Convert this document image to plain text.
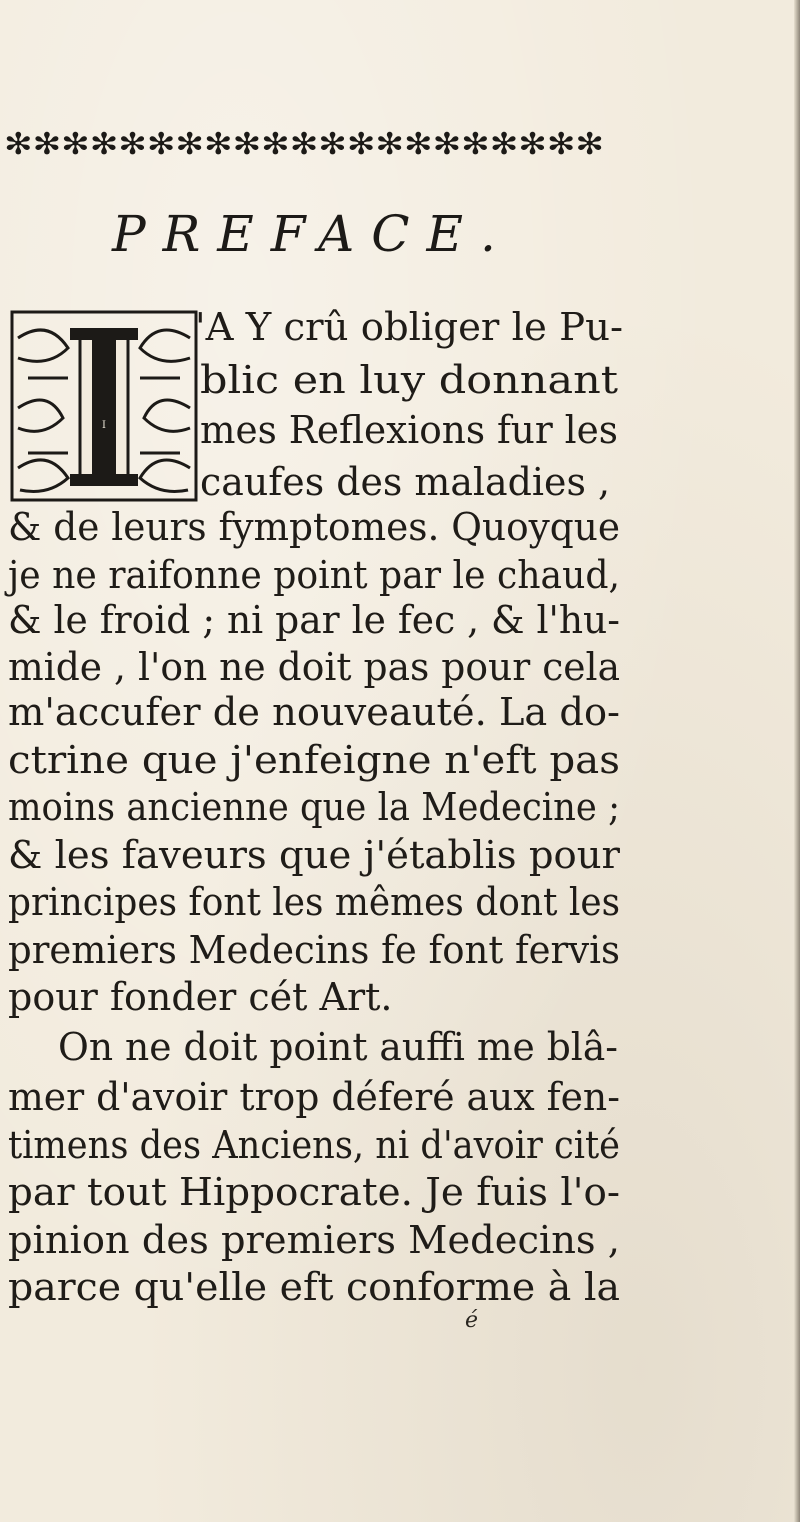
✻✻✻✻✻✻✻✻✻✻✻✻✻✻✻✻✻✻✻✻✻
PREFACE.
I

'A Y crû obliger le Pu-

blic en luy donnant

mes Reflexions fur les

caufes des maladies ,

& de leurs fymptomes. Quoyque

je ne raifonne point par le chaud,

& le froid ; ni par le fec , & l'hu-

mide , l'on ne doit pas pour cela

m'accufer de nouveauté. La do-

ctrine que j'enfeigne n'eft pas

moins ancienne que la Medecine ;

& les faveurs que j'établis pour

principes font les mêmes dont les

premiers Medecins fe font fervis

pour fonder cét Art.

On ne doit point auffi me blâ-

mer d'avoir trop déferé aux fen-

timens des Anciens, ni d'avoir cité

par tout Hippocrate. Je fuis l'o-

pinion des premiers Medecins ,

parce qu'elle eft conforme à la

é
